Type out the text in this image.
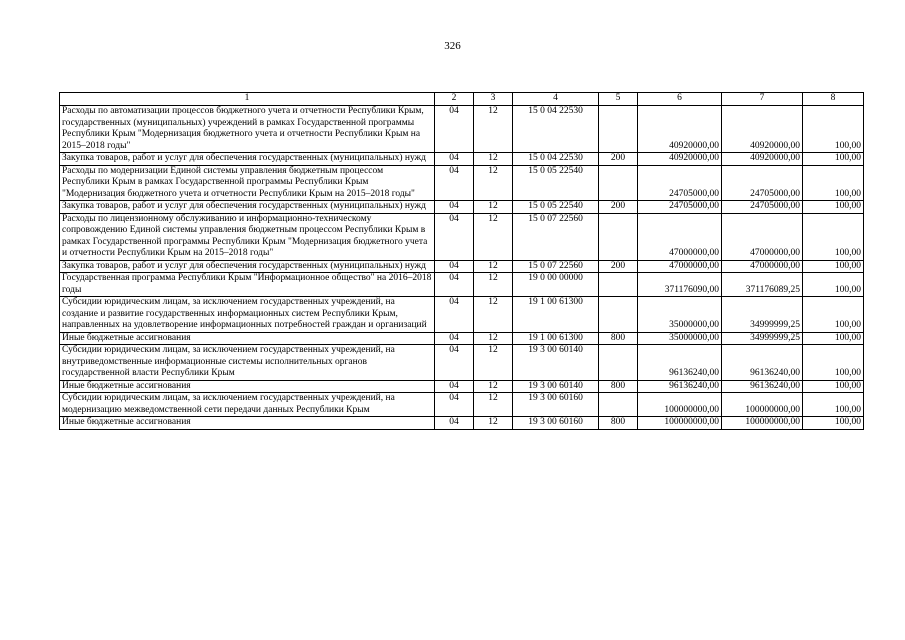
326
1	2	3	4	5	6	7	8
Расходы по автоматизации процессов бюджетного учета и отчетности Республики Крым, государственных (муниципальных) учреждений в рамках Государственной программы Республики Крым "Модернизация бюджетного учета и отчетности Республики Крым на 2015–2018 годы"	04	12	15 0 04 22530		40920000,00	40920000,00	100,00
Закупка товаров, работ и услуг для обеспечения государственных (муниципальных) нужд	04	12	15 0 04 22530	200	40920000,00	40920000,00	100,00
Расходы по модернизации Единой системы управления бюджетным процессом Республики Крым в рамках Государственной программы Республики Крым "Модернизация бюджетного учета и отчетности Республики Крым на 2015–2018 годы"	04	12	15 0 05 22540		24705000,00	24705000,00	100,00
Закупка товаров, работ и услуг для обеспечения государственных (муниципальных) нужд	04	12	15 0 05 22540	200	24705000,00	24705000,00	100,00
Расходы по лицензионному обслуживанию и информационно-техническому сопровождению Единой системы управления бюджетным процессом Республики Крым в рамках Государственной программы Республики Крым "Модернизация бюджетного учета и отчетности Республики Крым на 2015–2018 годы"	04	12	15 0 07 22560		47000000,00	47000000,00	100,00
Закупка товаров, работ и услуг для обеспечения государственных (муниципальных) нужд	04	12	15 0 07 22560	200	47000000,00	47000000,00	100,00
Государственная программа Республики Крым "Информационное общество" на 2016–2018 годы	04	12	19 0 00 00000		371176090,00	371176089,25	100,00
Субсидии юридическим лицам, за исключением государственных учреждений, на создание и развитие государственных информационных систем Республики Крым, направленных на удовлетворение информационных потребностей граждан и организаций	04	12	19 1 00 61300		35000000,00	34999999,25	100,00
Иные бюджетные ассигнования	04	12	19 1 00 61300	800	35000000,00	34999999,25	100,00
Субсидии юридическим лицам, за исключением государственных учреждений, на внутриведомственные информационные системы исполнительных органов государственной власти Республики Крым	04	12	19 3 00 60140		96136240,00	96136240,00	100,00
Иные бюджетные ассигнования	04	12	19 3 00 60140	800	96136240,00	96136240,00	100,00
Субсидии юридическим лицам, за исключением государственных учреждений, на модернизацию межведомственной сети передачи данных Республики Крым	04	12	19 3 00 60160		100000000,00	100000000,00	100,00
Иные бюджетные ассигнования	04	12	19 3 00 60160	800	100000000,00	100000000,00	100,00
